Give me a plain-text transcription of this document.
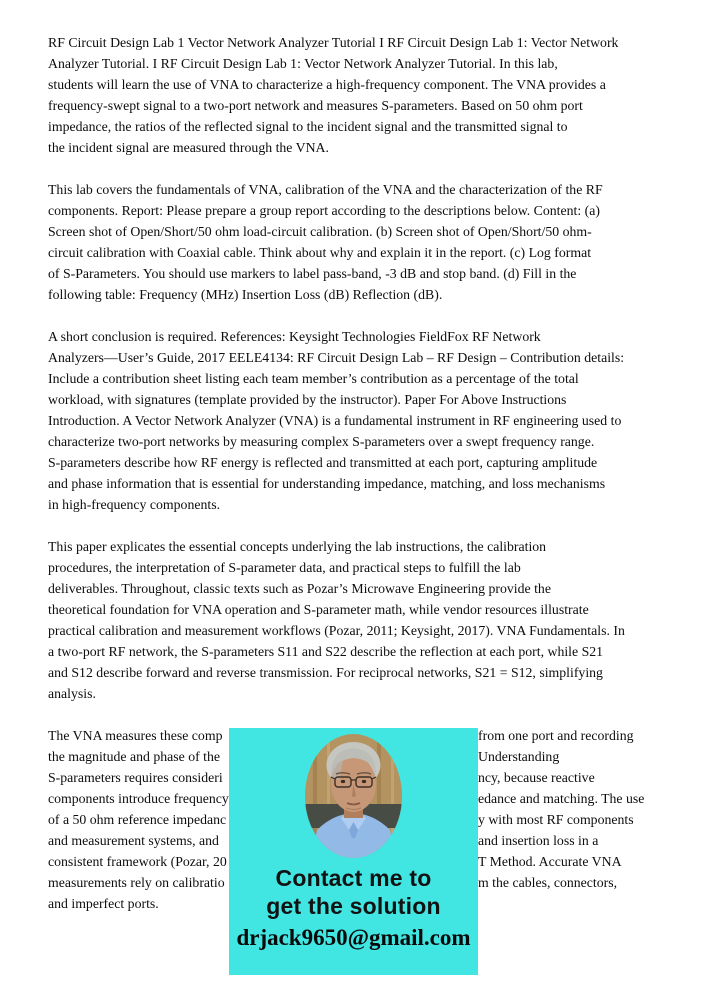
RF Circuit Design Lab 1 Vector Network Analyzer Tutorial I RF Circuit Design Lab 1: Vector Network
Analyzer Tutorial. I RF Circuit Design Lab 1: Vector Network Analyzer Tutorial. In this lab,
students will learn the use of VNA to characterize a high-frequency component. The VNA provides a
frequency-swept signal to a two-port network and measures S-parameters. Based on 50 ohm port
impedance, the ratios of the reflected signal to the incident signal and the transmitted signal to
the incident signal are measured through the VNA.
This lab covers the fundamentals of VNA, calibration of the VNA and the characterization of the RF
components. Report: Please prepare a group report according to the descriptions below. Content: (a)
Screen shot of Open/Short/50 ohm load-circuit calibration. (b) Screen shot of Open/Short/50 ohm-
circuit calibration with Coaxial cable. Think about why and explain it in the report. (c) Log format
of S-Parameters. You should use markers to label pass-band, -3 dB and stop band. (d) Fill in the
following table: Frequency (MHz) Insertion Loss (dB) Reflection (dB).
A short conclusion is required. References: Keysight Technologies FieldFox RF Network
Analyzers—User’s Guide, 2017 EELE4134: RF Circuit Design Lab – RF Design – Contribution details:
Include a contribution sheet listing each team member’s contribution as a percentage of the total
workload, with signatures (template provided by the instructor). Paper For Above Instructions
Introduction. A Vector Network Analyzer (VNA) is a fundamental instrument in RF engineering used to
characterize two-port networks by measuring complex S-parameters over a swept frequency range.
S-parameters describe how RF energy is reflected and transmitted at each port, capturing amplitude
and phase information that is essential for understanding impedance, matching, and loss mechanisms
in high-frequency components.
This paper explicates the essential concepts underlying the lab instructions, the calibration
procedures, the interpretation of S-parameter data, and practical steps to fulfill the lab
deliverables. Throughout, classic texts such as Pozar’s Microwave Engineering provide the
theoretical foundation for VNA operation and S-parameter math, while vendor resources illustrate
practical calibration and measurement workflows (Pozar, 2011; Keysight, 2017). VNA Fundamentals. In
a two-port RF network, the S-parameters S11 and S22 describe the reflection at each port, while S21
and S12 describe forward and reverse transmission. For reciprocal networks, S21 = S12, simplifying
analysis.
The VNA measures these comp	from one port and recording
the magnitude and phase of the	Understanding
S-parameters requires consideri	ncy, because reactive
components introduce frequency	edance and matching. The use
of a 50 ohm reference impedanc	y with most RF components
and measurement systems, and	and insertion loss in a
consistent framework (Pozar, 20	T Method. Accurate VNA
measurements rely on calibratio	m the cables, connectors,
and imperfect ports.
Contact me to
get the solution
drjack9650@gmail.com
